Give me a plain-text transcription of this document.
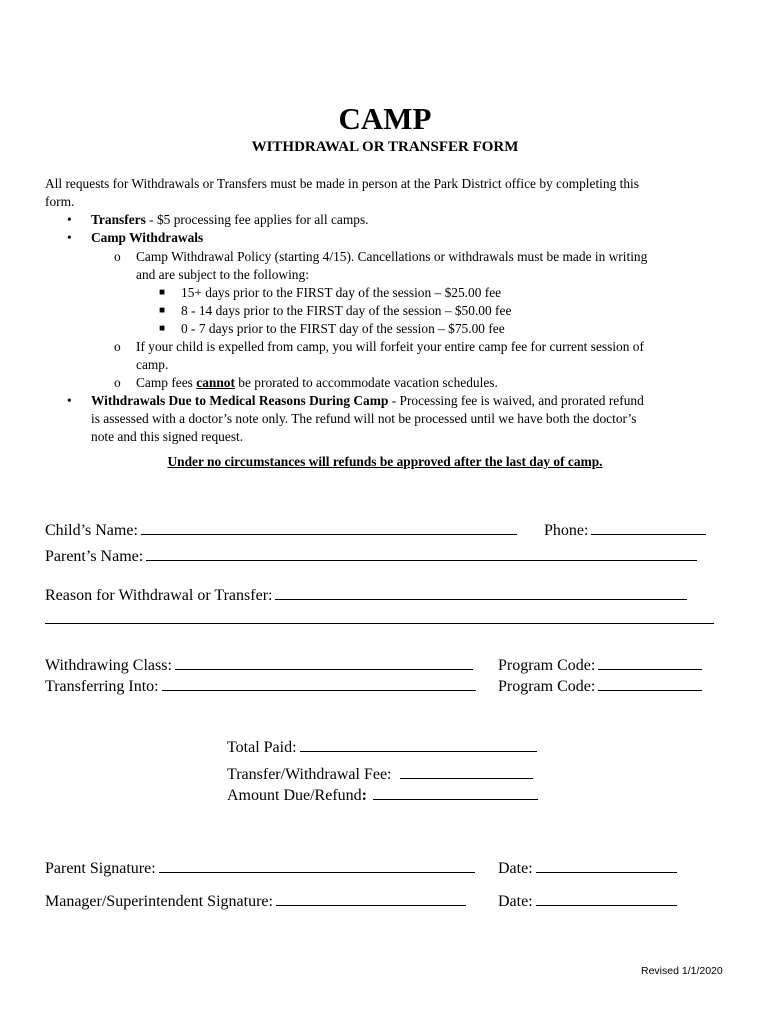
CAMP
WITHDRAWAL OR TRANSFER FORM

All requests for Withdrawals or Transfers must be made in person at the Park District office by completing this

form.

• Transfers - $5 processing fee applies for all camps.

• Camp Withdrawals

o Camp Withdrawal Policy (starting 4/15). Cancellations or withdrawals must be made in writing

and are subject to the following:

■ 15+ days prior to the FIRST day of the session – $25.00 fee

■ 8 - 14 days prior to the FIRST day of the session – $50.00 fee

■ 0 - 7 days prior to the FIRST day of the session – $75.00 fee

o If your child is expelled from camp, you will forfeit your entire camp fee for current session of

camp.

o Camp fees cannot be prorated to accommodate vacation schedules.

• Withdrawals Due to Medical Reasons During Camp - Processing fee is waived, and prorated refund

is assessed with a doctor’s note only. The refund will not be processed until we have both the doctor’s

note and this signed request.

Under no circumstances will refunds be approved after the last day of camp.

Child’s Name:	Phone:
Parent’s Name:
Reason for Withdrawal or Transfer:
Withdrawing Class:	Program Code:
Transferring Into:	Program Code:
Total Paid:
Transfer/Withdrawal Fee:
Amount Due/Refund:
Parent Signature:	Date:
Manager/Superintendent Signature:	Date:
Revised 1/1/2020
